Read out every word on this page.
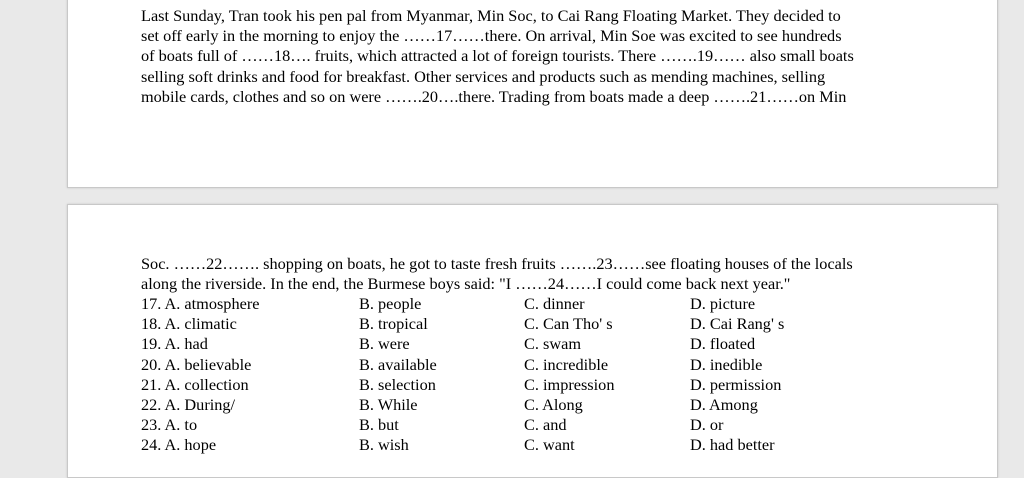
Last Sunday, Tran took his pen pal from Myanmar, Min Soc, to Cai Rang Floating Market. They decided to
set off early in the morning to enjoy the ……17……there. On arrival, Min Soe was excited to see hundreds
of boats full of ……18…. fruits, which attracted a lot of foreign tourists. There …….19…… also small boats
selling soft drinks and food for breakfast. Other services and products such as mending machines, selling
mobile cards, clothes and so on were …….20….there. Trading from boats made a deep …….21……on Min
Soc. ……22……. shopping on boats, he got to taste fresh fruits …….23……see floating houses of the locals
along the riverside. In the end, the Burmese boys said: "I ……24……I could come back next year."
17. A. atmosphere	B. people	C. dinner	D. picture
18. A. climatic	B. tropical	C. Can Tho' s	D. Cai Rang' s
19. A. had	B. were	C. swam	D. floated
20. A. believable	B. available	C. incredible	D. inedible
21. A. collection	B. selection	C. impression	D. permission
22. A. During/	B. While	C. Along	D. Among
23. A. to	B. but	C. and	D. or
24. A. hope	B. wish	C. want	D. had better
